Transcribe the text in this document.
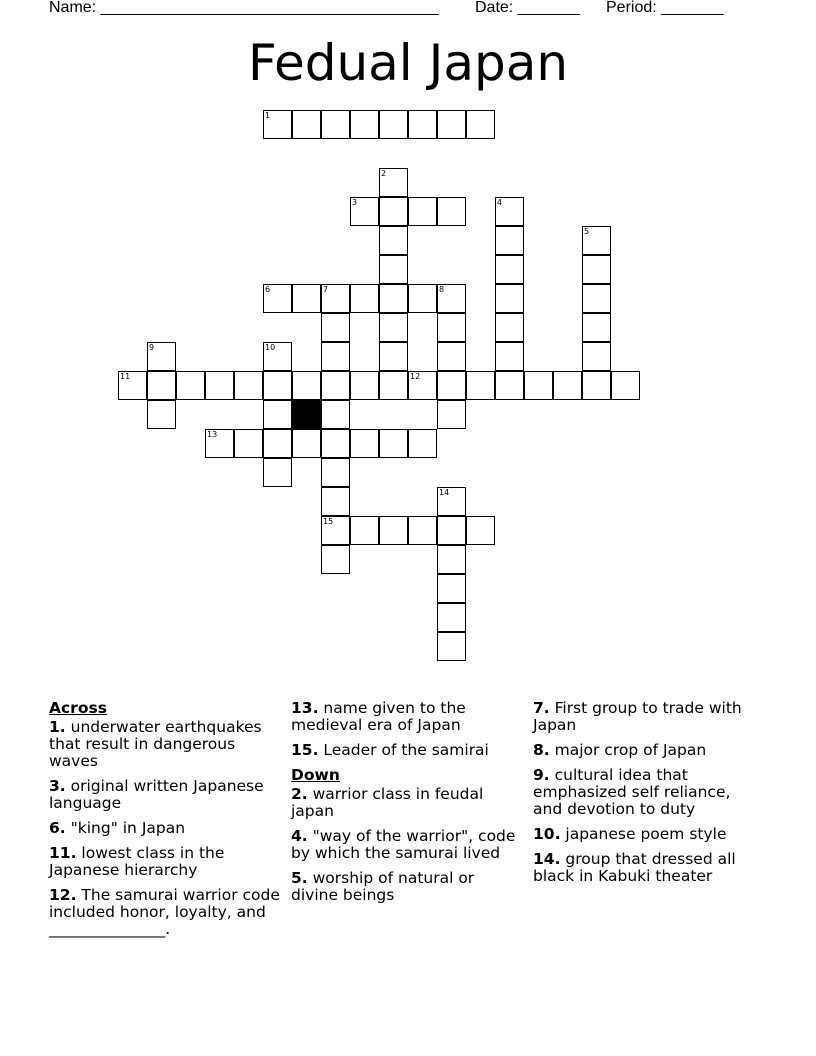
Name: ______________________________________ Date: _______ Period: _______
Fedual Japan
1
2
3	4
5
6	7	8
15
9	10
11	12
13
14
Across
1. underwater earthquakes that result in dangerous waves
3. original written Japanese language
6. "king" in Japan
11. lowest class in the Japanese hierarchy
12. The samurai warrior code included honor, loyalty, and _______________.
13. name given to the medieval era of Japan
15. Leader of the samirai
Down
2. warrior class in feudal japan
4. "way of the warrior", code by which the samurai lived
5. worship of natural or divine beings
7. First group to trade with Japan
8. major crop of Japan
9. cultural idea that emphasized self reliance, and devotion to duty
10. japanese poem style
14. group that dressed all black in Kabuki theater
